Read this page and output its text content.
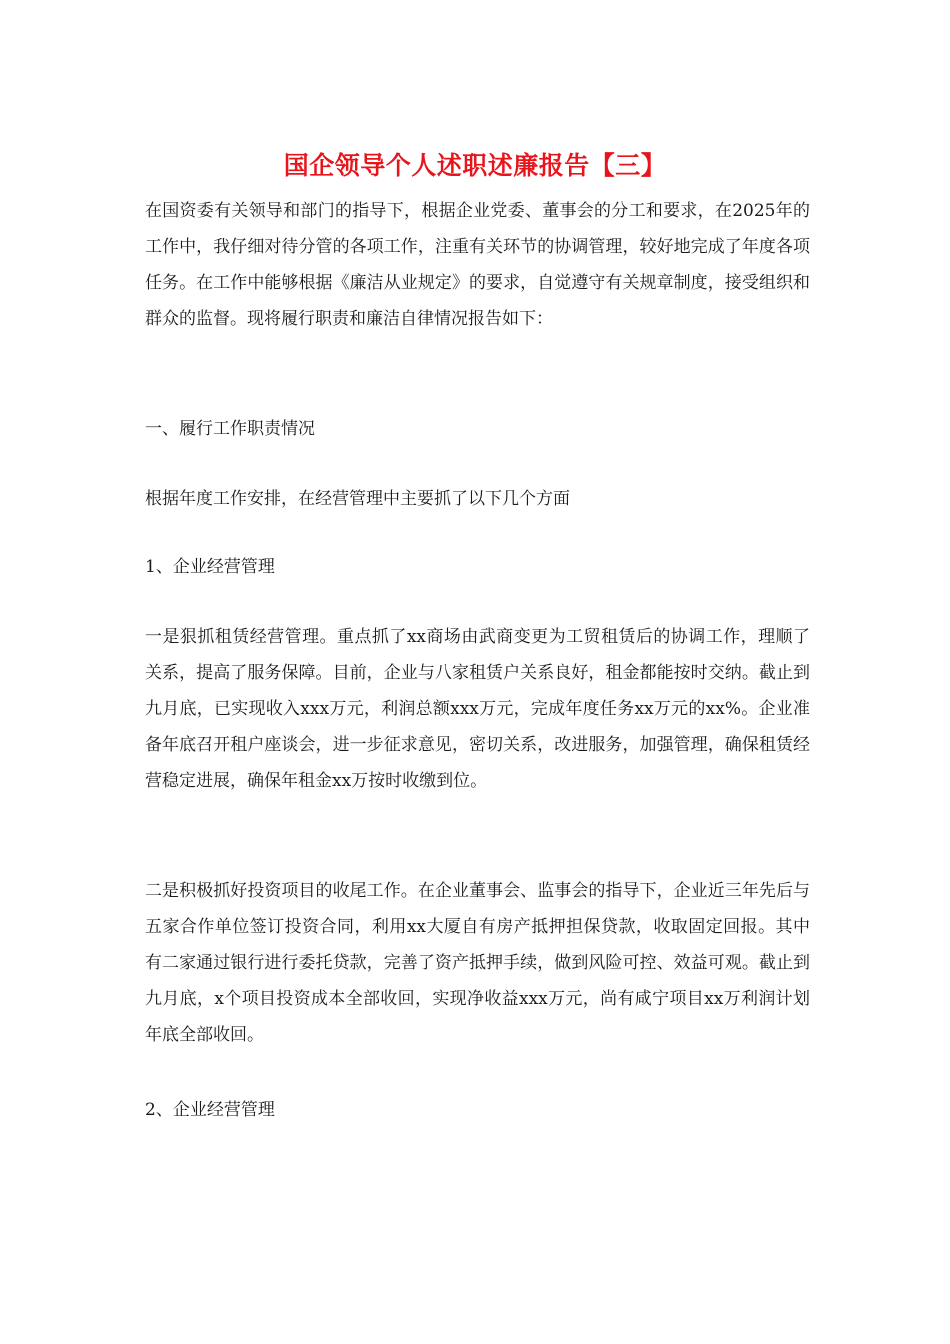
国企领导个人述职述廉报告【三】
在国资委有关领导和部门的指导下，根据企业党委、董事会的分工和要求，在2025年的工作中，我仔细对待分管的各项工作，注重有关环节的协调管理，较好地完成了年度各项任务。在工作中能够根据《廉洁从业规定》的要求，自觉遵守有关规章制度，接受组织和群众的监督。现将履行职责和廉洁自律情况报告如下：
一、履行工作职责情况
根据年度工作安排，在经营管理中主要抓了以下几个方面
1、企业经营管理
一是狠抓租赁经营管理。重点抓了xx商场由武商变更为工贸租赁后的协调工作，理顺了关系，提高了服务保障。目前，企业与八家租赁户关系良好，租金都能按时交纳。截止到九月底，已实现收入xxx万元，利润总额xxx万元，完成年度任务xx万元的xx%。企业准备年底召开租户座谈会，进一步征求意见，密切关系，改进服务，加强管理，确保租赁经营稳定进展，确保年租金xx万按时收缴到位。
二是积极抓好投资项目的收尾工作。在企业董事会、监事会的指导下，企业近三年先后与五家合作单位签订投资合同，利用xx大厦自有房产抵押担保贷款，收取固定回报。其中有二家通过银行进行委托贷款，完善了资产抵押手续，做到风险可控、效益可观。截止到九月底，x个项目投资成本全部收回，实现净收益xxx万元，尚有咸宁项目xx万利润计划年底全部收回。
2、企业经营管理
